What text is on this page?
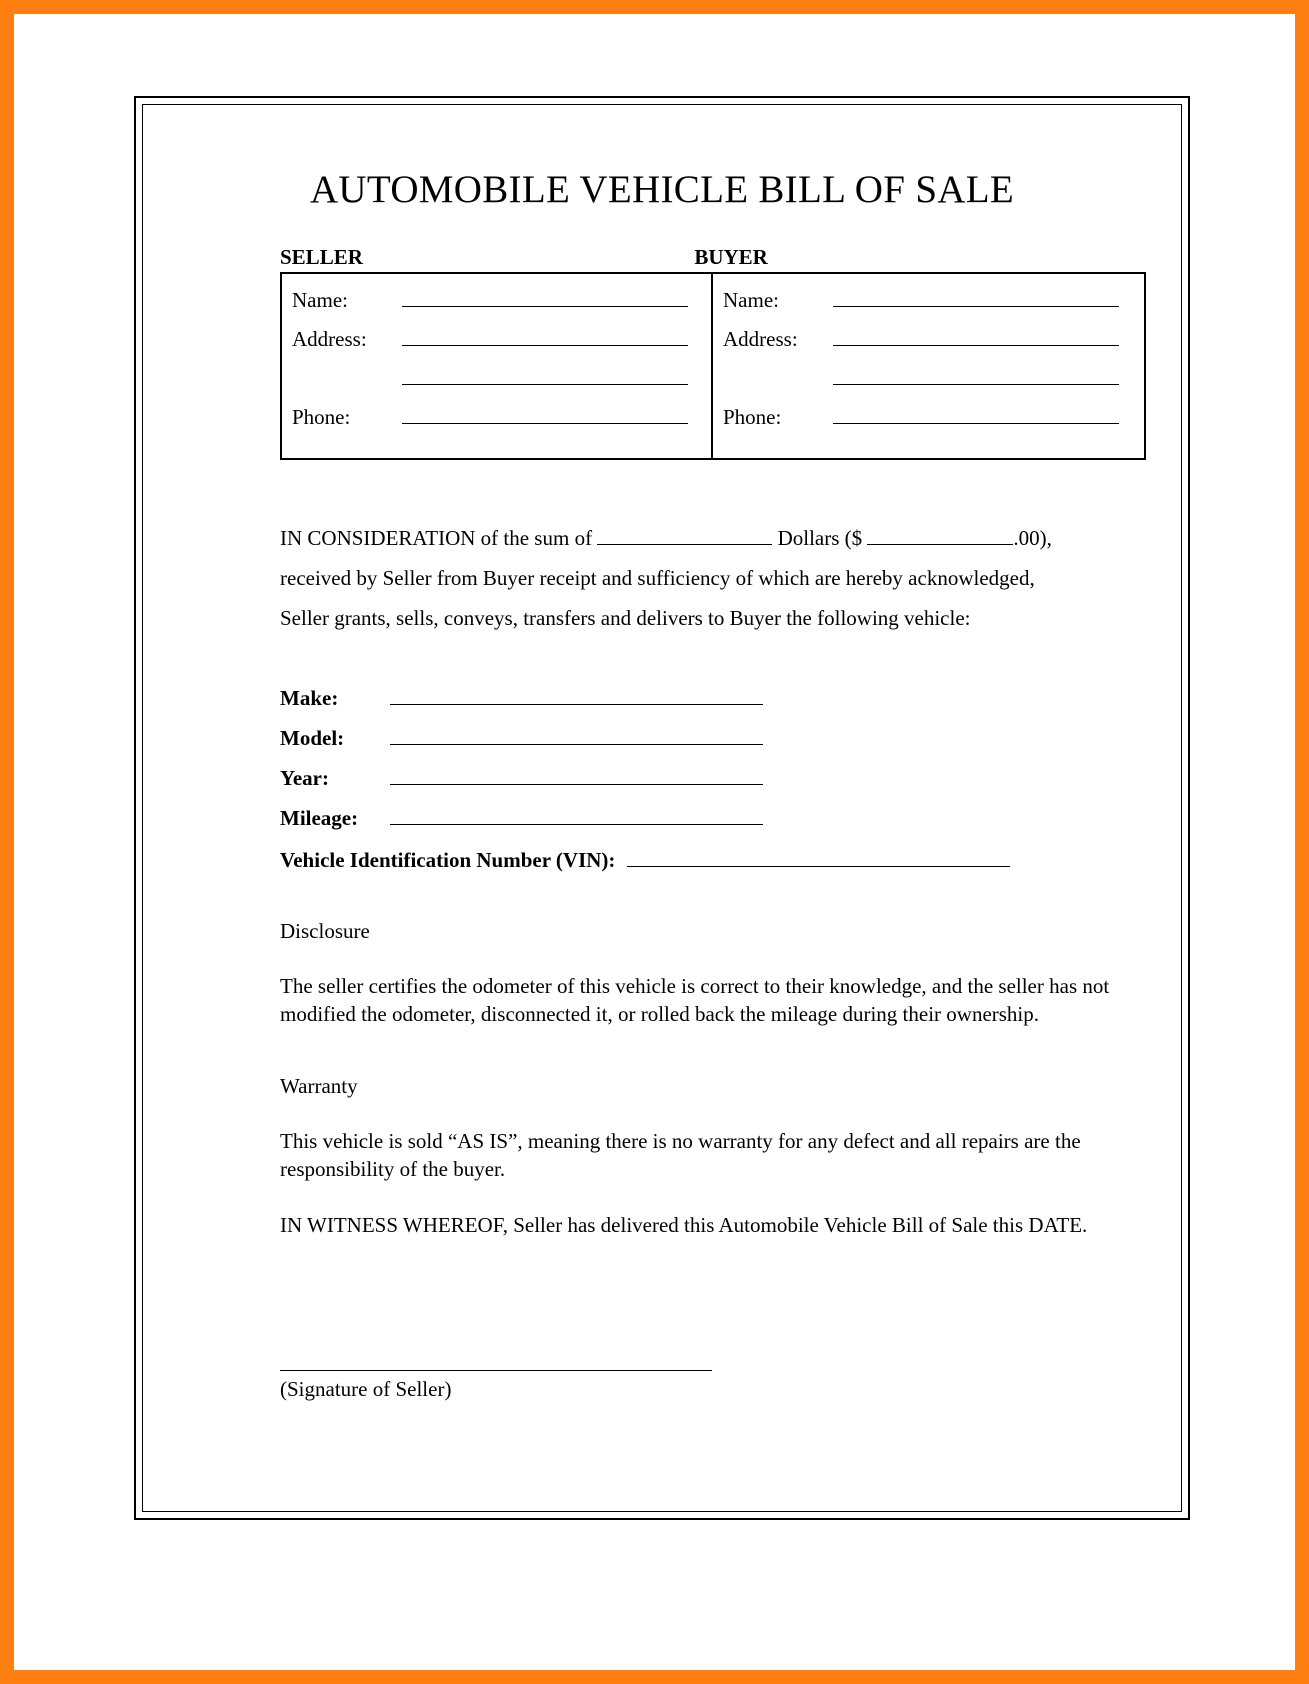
AUTOMOBILE VEHICLE BILL OF SALE
SELLER	BUYER
Name:
Address:
Phone:
Name:
Address:
Phone:
IN CONSIDERATION of the sum of	Dollars ($	.00),
received by Seller from Buyer receipt and sufficiency of which are hereby acknowledged,
Seller grants, sells, conveys, transfers and delivers to Buyer the following vehicle:
Make:
Model:
Year:
Mileage:
Vehicle Identification Number (VIN):
Disclosure
The seller certifies the odometer of this vehicle is correct to their knowledge, and the seller has not modified the odometer, disconnected it, or rolled back the mileage during their ownership.
Warranty
This vehicle is sold “AS IS”, meaning there is no warranty for any defect and all repairs are the responsibility of the buyer.
IN WITNESS WHEREOF, Seller has delivered this Automobile Vehicle Bill of Sale this DATE.
(Signature of Seller)
